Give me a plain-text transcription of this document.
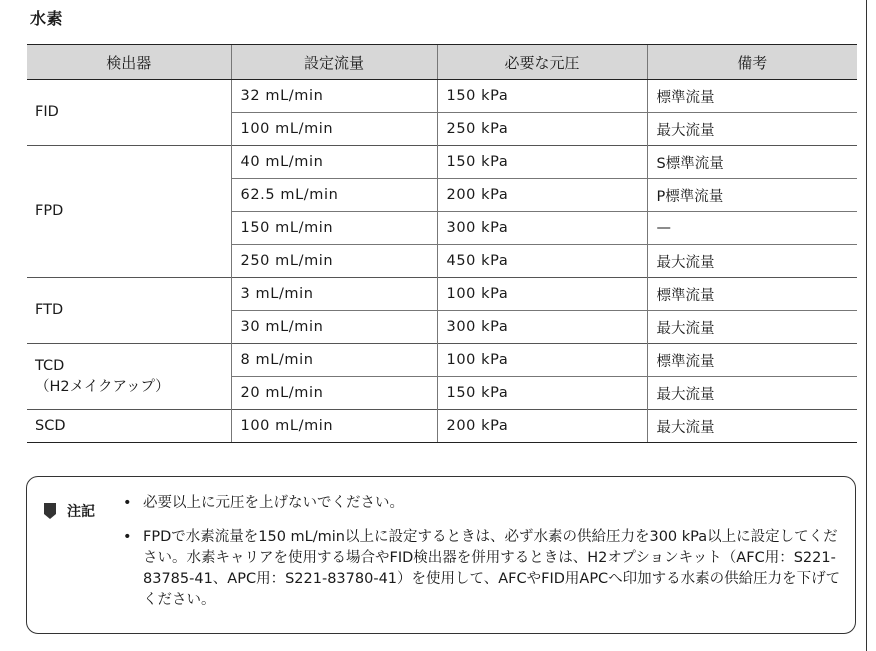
水素
検出器	設定流量	必要な元圧	備考
FID	32 mL/min	150 kPa	標準流量
	100 mL/min	250 kPa	最大流量
FPD	40 mL/min	150 kPa	S標準流量
	62.5 mL/min	200 kPa	P標準流量
	150 mL/min	300 kPa	—
	250 mL/min	450 kPa	最大流量
FTD	3 mL/min	100 kPa	標準流量
	30 mL/min	300 kPa	最大流量
TCD
（H2メイクアップ）	8 mL/min	100 kPa	標準流量
	20 mL/min	150 kPa	最大流量
SCD	100 mL/min	200 kPa	最大流量
注記
• 必要以上に元圧を上げないでください。
• FPDで水素流量を150 mL/min以上に設定するときは、必ず水素の供給圧力を300 kPa以上に設定してください。水素キャリアを使用する場合やFID検出器を併用するときは、H2オプションキット（AFC用：S221-83785-41、APC用：S221-83780-41）を使用して、AFCやFID用APCへ印加する水素の供給圧力を下げてください。
